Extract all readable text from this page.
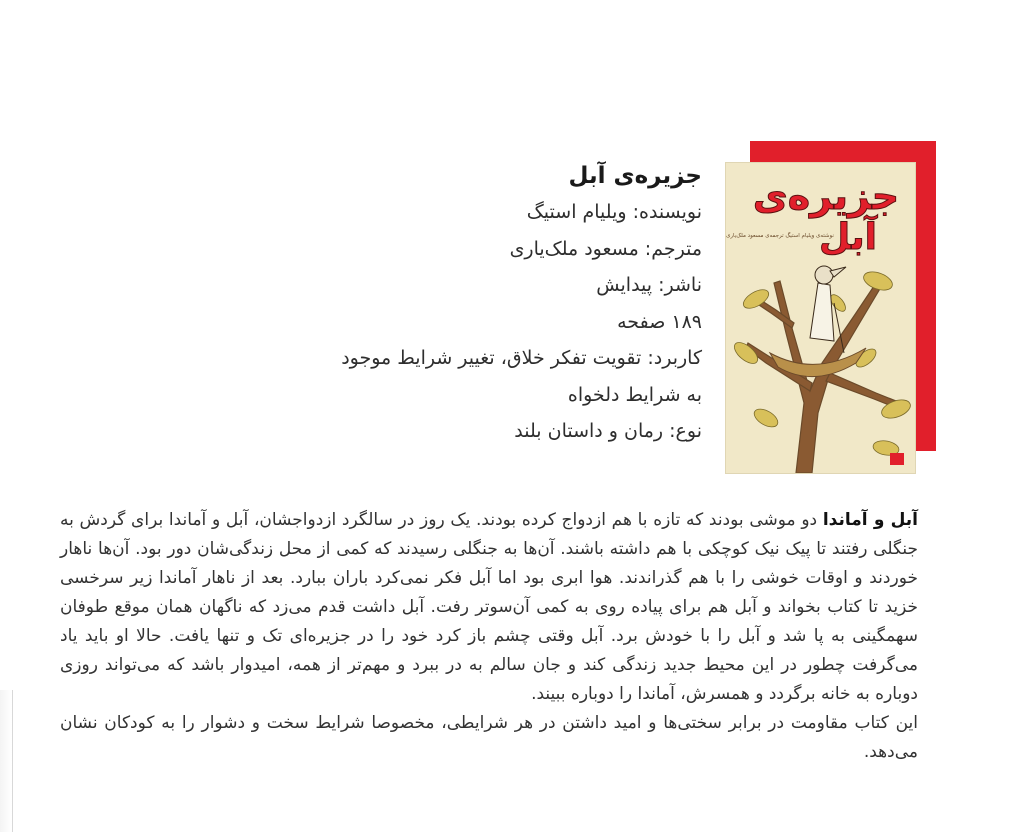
جزیره‌ی آبل
نویسنده: ویلیام استیگ
مترجم: مسعود ملک‌یاری
ناشر: پیدایش
۱۸۹ صفحه
کاربرد: تقویت تفکر خلاق، تغییر شرایط موجود
به شرایط دلخواه
نوع: رمان و داستان بلند
جزیره‌ی
آبل
نوشته‌ی ویلیام استیگ ترجمه‌ی مسعود ملک‌یاری

آبل و آماندا دو موشی بودند که تازه با هم ازدواج کرده بودند. یک روز در سالگرد ازدواجشان، آبل و آماندا برای گردش به جنگلی رفتند تا پیک نیک کوچکی با هم داشته باشند. آن‌ها به جنگلی رسیدند که کمی از محل زندگی‌شان دور بود. آن‌ها ناهار خوردند و اوقات خوشی را با هم گذراندند. هوا ابری بود اما آبل فکر نمی‌کرد باران ببارد. بعد از ناهار آماندا زیر سرخسی خزید تا کتاب بخواند و آبل هم برای پیاده روی به کمی آن‌سوتر رفت. آبل داشت قدم می‌زد که ناگهان همان موقع طوفان سهمگینی به پا شد و آبل را با خودش برد. آبل وقتی چشم باز کرد خود را در جزیره‌ای تک و تنها یافت. حالا او باید یاد می‌گرفت چطور در این محیط جدید زندگی کند و جان سالم به در ببرد و مهم‌تر از همه، امیدوار باشد که می‌تواند روزی دوباره به خانه برگردد و همسرش، آماندا را دوباره ببیند.

این کتاب مقاومت در برابر سختی‌ها و امید داشتن در هر شرایطی، مخصوصا شرایط سخت و دشوار را به کودکان نشان می‌دهد.
